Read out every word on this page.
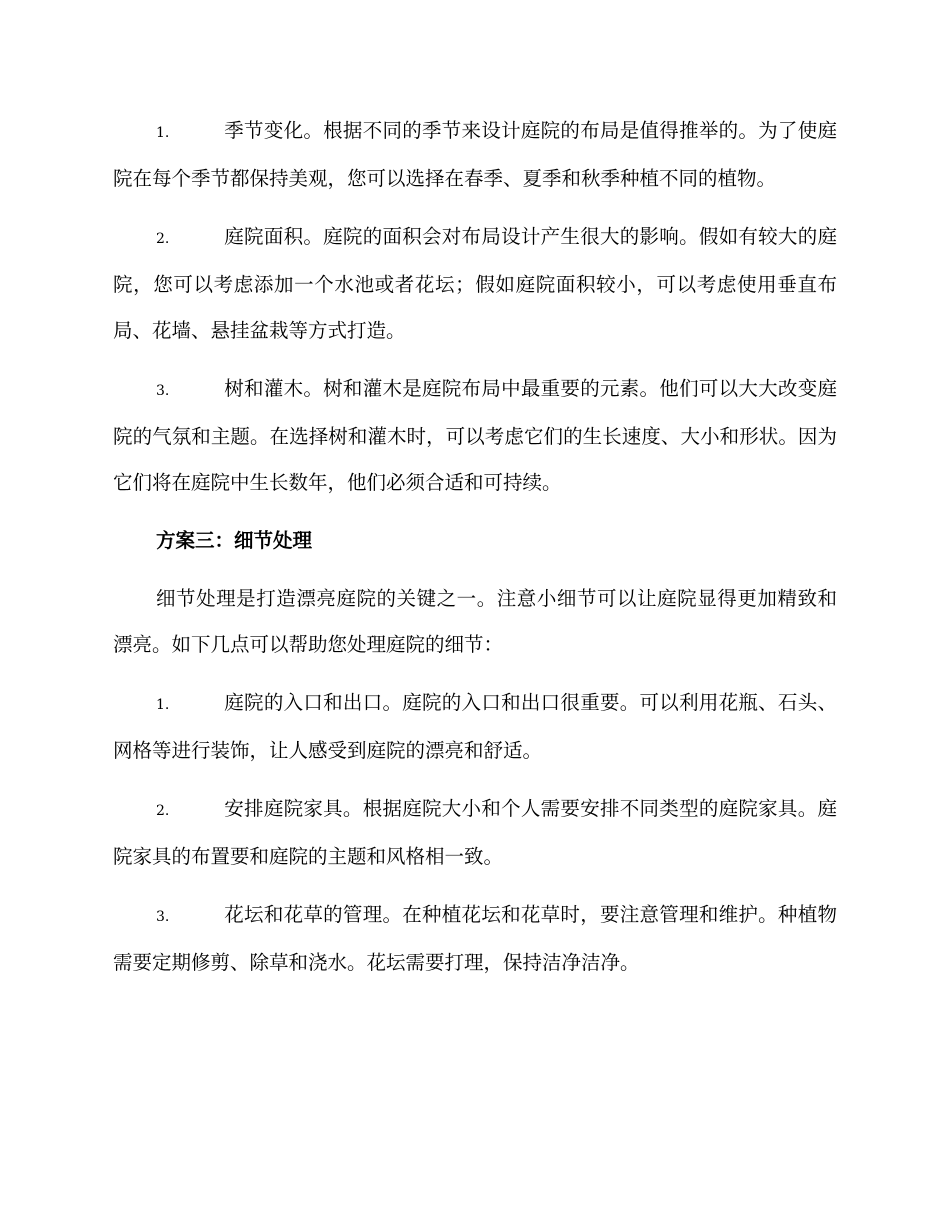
1.	季节变化。根据不同的季节来设计庭院的布局是值得推举的。为了使庭院在每个季节都保持美观，您可以选择在春季、夏季和秋季种植不同的植物。

2.	庭院面积。庭院的面积会对布局设计产生很大的影响。假如有较大的庭院，您可以考虑添加一个水池或者花坛；假如庭院面积较小，可以考虑使用垂直布局、花墙、悬挂盆栽等方式打造。

3.	树和灌木。树和灌木是庭院布局中最重要的元素。他们可以大大改变庭院的气氛和主题。在选择树和灌木时，可以考虑它们的生长速度、大小和形状。因为它们将在庭院中生长数年，他们必须合适和可持续。

方案三：细节处理

细节处理是打造漂亮庭院的关键之一。注意小细节可以让庭院显得更加精致和漂亮。如下几点可以帮助您处理庭院的细节：

1.	庭院的入口和出口。庭院的入口和出口很重要。可以利用花瓶、石头、网格等进行装饰，让人感受到庭院的漂亮和舒适。

2.	安排庭院家具。根据庭院大小和个人需要安排不同类型的庭院家具。庭院家具的布置要和庭院的主题和风格相一致。

3.	花坛和花草的管理。在种植花坛和花草时，要注意管理和维护。种植物需要定期修剪、除草和浇水。花坛需要打理，保持洁净洁净。
